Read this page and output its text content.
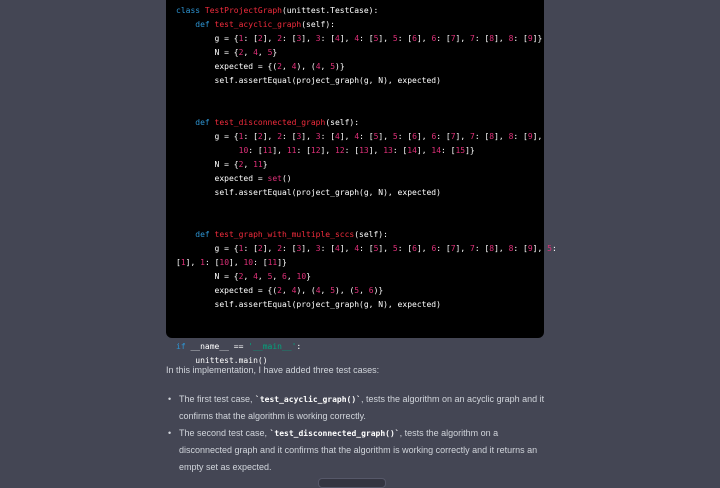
class TestProjectGraph(unittest.TestCase):
def test_acyclic_graph(self):
g = {1: [2], 2: [3], 3: [4], 4: [5], 5: [6], 6: [7], 7: [8], 8: [9]}
N = {2, 4, 5}
expected = {(2, 4), (4, 5)}
self.assertEqual(project_graph(g, N), expected)

def test_disconnected_graph(self):
g = {1: [2], 2: [3], 3: [4], 4: [5], 5: [6], 6: [7], 7: [8], 8: [9],
10: [11], 11: [12], 12: [13], 13: [14], 14: [15]}
N = {2, 11}
expected = set()
self.assertEqual(project_graph(g, N), expected)

def test_graph_with_multiple_sccs(self):
g = {1: [2], 2: [3], 3: [4], 4: [5], 5: [6], 6: [7], 7: [8], 8: [9], 5:
[1], 1: [10], 10: [11]}
N = {2, 4, 5, 6, 10}
expected = {(2, 4), (4, 5), (5, 6)}
self.assertEqual(project_graph(g, N), expected)

if __name__ == '__main__':
unittest.main()

In this implementation, I have added three test cases:

• The first test case, `test_acyclic_graph()`, tests the algorithm on an acyclic graph and it confirms that the algorithm is working correctly.
• The second test case, `test_disconnected_graph()`, tests the algorithm on a disconnected graph and it confirms that the algorithm is working correctly and it returns an empty set as expected.
